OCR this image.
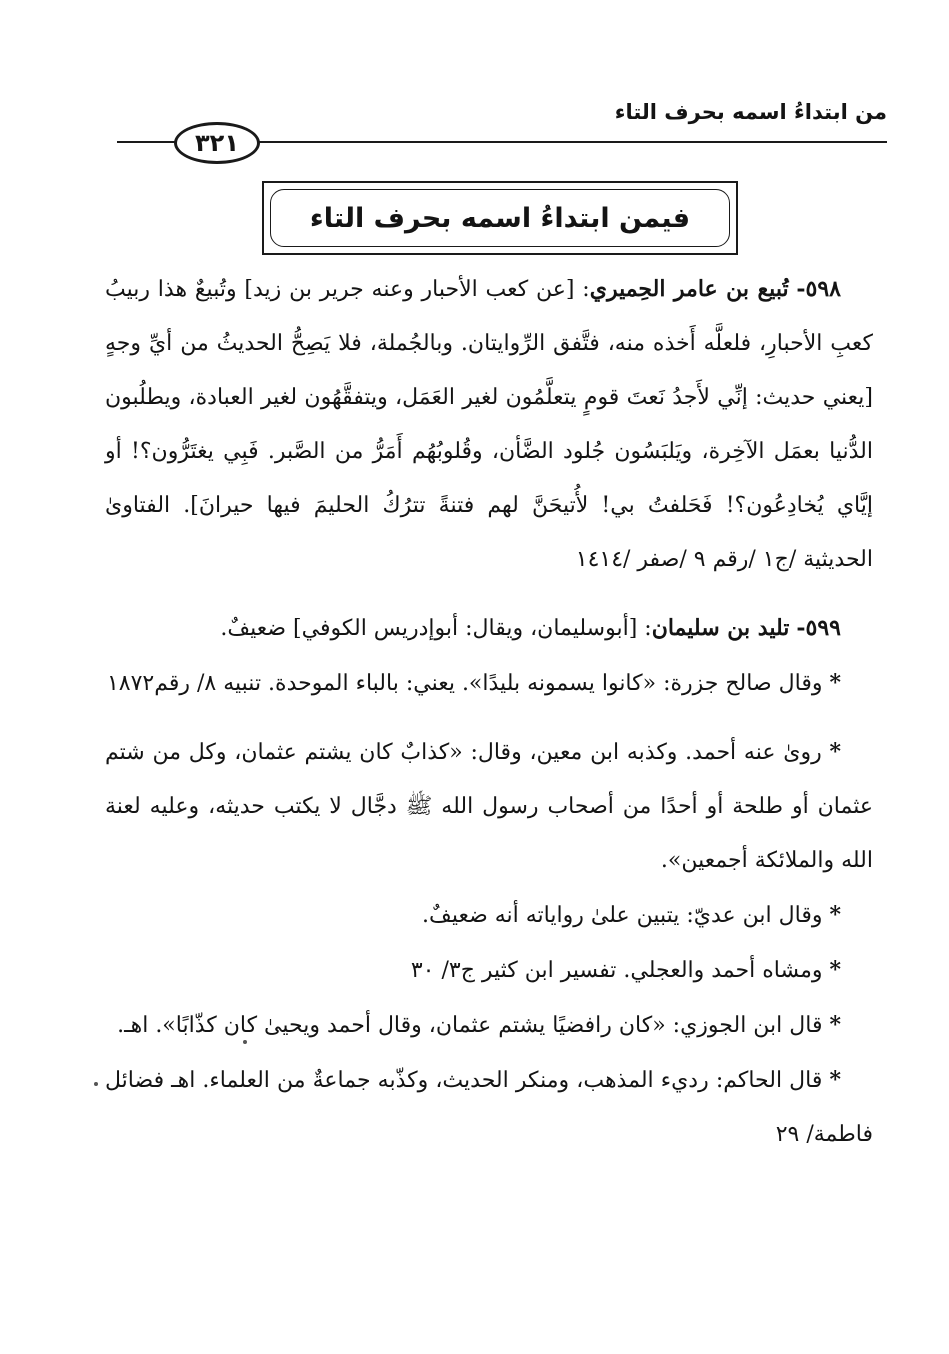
من ابتداءُ اسمه بحرف التاء
٣٢١
فيمن ابتداءُ اسمه بحرف التاء

٥٩٨- تُبيع بن عامر الحِميري: [عن كعب الأحبار وعنه جرير بن زيد] وتُبيعٌ هذا ربيبُ كعبِ الأحبارِ، فلعلَّه أَخذه منه، فتَّفق الرِّوايتان. وبالجُملة، فلا يَصِحُّ الحديثُ من أيِّ وجهٍ [يعني حديث: إنِّي لأَجدُ نَعتَ قومٍ يتعلَّمُون لغير العَمَل، ويتفقَّهُون لغير العبادة، ويطلُبون الدُّنيا بعمَل الآخِرة، ويَلبَسُون جُلود الضَّأن، وقُلوبُهُم أَمَرُّ من الصَّبر. فَبِي يغتَرُّون؟! أو إيَّاي يُخادِعُون؟! فَحَلفتُ بي! لأُتيحَنَّ لهم فتنةً تترُكُ الحليمَ فيها حيرانَ]. الفتاوىٰ الحديثية /ج١ /رقم ٩ /صفر /١٤١٤

٥٩٩- تليد بن سليمان: [أبوسليمان، ويقال: أبوإدريس الكوفي] ضعيفٌ.

* وقال صالح جزرة: «كانوا يسمونه بليدًا». يعني: بالباء الموحدة. تنبيه ٨/ رقم١٨٧٢

* رویٰ عنه أحمد. وكذبه ابن معين، وقال: «كذابٌ كان يشتم عثمان، وكل من شتم عثمان أو طلحة أو أحدًا من أصحاب رسول الله ﷺ دجَّال لا يكتب حديثه، وعليه لعنة الله والملائكة أجمعين».

* وقال ابن عديّ: يتبين علىٰ رواياته أنه ضعيفٌ.

* ومشاه أحمد والعجلي. تفسير ابن كثير ج٣/ ٣٠

* قال ابن الجوزي: «كان رافضيًا يشتم عثمان، وقال أحمد ويحيىٰ كان كذّابًا». اهـ.

* قال الحاكم: رديء المذهب، ومنكر الحديث، وكذّبه جماعةٌ من العلماء. اهـ فضائل فاطمة/ ٢٩
